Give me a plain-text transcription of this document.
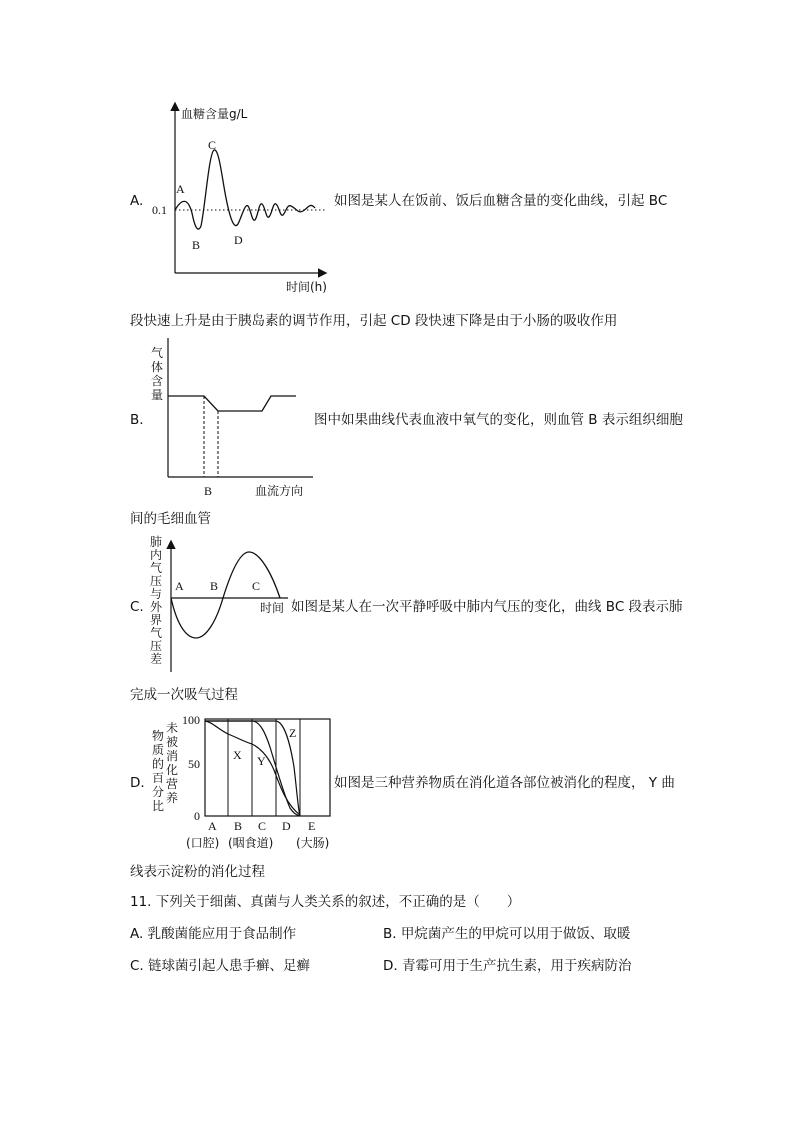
A.
血糖含量g/L
0.1
A
B
C
D
时间(h)
如图是某人在饭前、饭后血糖含量的变化曲线，引起 BC
段快速上升是由于胰岛素的调节作用，引起 CD 段快速下降是由于小肠的吸收作用
B.
气
体
含
量
B	血流方向
图中如果曲线代表血液中氧气的变化，则血管 B 表示组织细胞
间的毛细血管
C.
肺
内
气
压
与
外
界
气
压
差
A B	C
时间 如图是某人在一次平静呼吸中肺内气压的变化，曲线 BC 段表示肺
完成一次吸气过程
D.
物
质
的
百
分
比
未
被
消
化
营
养
100
50
0
X Y
Z
A B C D E
(口腔) (咽食道) (大肠)
如图是三种营养物质在消化道各部位被消化的程度， Y 曲
线表示淀粉的消化过程
11. 下列关于细菌、真菌与人类关系的叙述，不正确的是（　　）
A. 乳酸菌能应用于食品制作	B. 甲烷菌产生的甲烷可以用于做饭、取暖
C. 链球菌引起人患手癣、足癣	D. 青霉可用于生产抗生素，用于疾病防治
